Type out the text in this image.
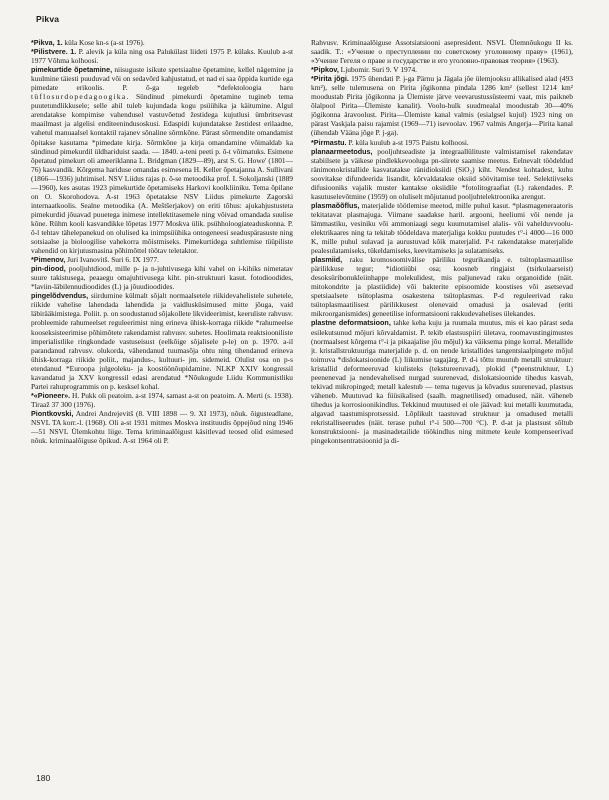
Pikva

*Pikva, 1. küla Kose kn-s (a-st 1976).

*Pilistvere. 1. P. alevik ja küla ning osa Palukülast liideti 1975 P. külaks. Kuulub a-st 1977 Võhma kolhoosi.

pimekurtide õpetamine, niisuguste isikute spetsiaalne õpetamine, kellel nägemine ja kuulmine täiesti puuduvad või on sedavõrd kahjustatud, et nad ei saa õppida kurtide ega pimedate erikoolis. P. õ-ga tegeleb *defektoloogia haru tüflosurdopedagoogika. Sündinud pimekurdi õpetamine tugineb tema puutetundlikkusele; selle abil tuleb kujundada kogu psüühika ja käitumine. Algul arendatakse kompimise vahendusel vastuvõetud žestidega kujutlusi ümbritsevast maailmast ja algelisi enditeenindusoskusi. Edaspidi kujundatakse žestidest erilaadne, vahetul manuaalsel kontaktil rajanev sõnaline sõrmkõne. Pärast sõrmendite omandamist õpitakse kasutama *pimedate kirja. Sõrmkõne ja kirja omandamine võimaldab ka sündinud pimekurdil üldhariduist saada. — 1840. a-teni peeti p. õ-t võimatuks. Esimene õpetatud pimekurt oli ameeriklanna L. Bridgman (1829—89), arst S. G. Howe' (1801—76) kasvandik. Kõrgema hariduse omandas esimesena H. Keller õpetajanna A. Sullivani (1866—1936) juhtimisel. NSV Liidus rajas p. õ-se metoodika prof. I. Sokoljanski (1889—1960), kes asutas 1923 pimekurtide õpetamiseks Harkovi koolkliiniku. Tema õpilane on O. Skorohodova. A-st 1963 õpetatakse NSV Liidus pimekurte Zagorski internaatkoolis. Sealne metoodika (A. Meštšerjakov) on eriti tõhus: ajukahjustusteta pimekurdid jõuavad puuetega inimese intellektitasemele ning võivad omandada suulise kõne. Rühm kooli kasvandikke lõpetas 1977 Moskva ülik. psühholoogiateaduskonna. P. õ-l tehtav tähelepanekud on olulised ka inimpsüühika ontogeneesi seaduspärasuste ning sotsiaalse ja bioloogilise vahekorra mõistmiseks. Pimekurtidega suhtlemise tüüpiliste vahendid on kirjutusmasina põhimõttel töötav teletaktor.

*Pimenov, Juri Ivanovitš. Suri 6. IX 1977.

pin-diood, pooljuhtdiood, mille p- ja n-juhtivusega kihi vahel on i-kihiks nimetatav suure takistusega, peaaegu omajuhtivusega kiht. pin-struktuuri kasut. fotodioodides, *laviin-läbilennudioodides (L) ja jõuudioodides.

pingelõdvendus, siirdumine külmalt sõjalt normaalsetele riikidevahelistele suhetele, riikide vahelise lahendada lahendida ja vaidlusküsimused mitte jõuga, vaid läbirääkimistega. Poliit. p. on soodustanud sõjakollete likvideerimist, keeruliste rahvusv. probleemide rahumeelset reguleerimist ning erineva ühisk-korraga riikide *rahumeelse kooseksisteerimise põhimõtete rakendamist rahvusv. suhetes. Hoolimata reaktsiooniliste imperialistlike ringkondade vastuseisust (eelkõige sõjalisele p-le) on p. 1970. a-il parandanud rahvusv. olukorda, vähendanud tuumasõja ohtu ning tihendanud erineva ühisk-korraga riikide poliit., majandus-, kultuuri- jm. sidemeid. Olulist osa on p-s etendanud *Euroopa julgeoleku- ja koostöönõupidamine. NLKP XXIV kongressil kavandatud ja XXV kongressil edasi arendatud *Nõukogude Liidu Kommunistliku Partei rahuprogrammis on p. kesksel kohal.

*«Pioneer». H. Pukk oli peatoim. a-st 1974, samast a-st on peatoim. A. Merti (s. 1938). Tiraaž 37 300 (1976).

Piontkovski, Andrei Andrejevitš (8. VIII 1898 — 9. XI 1973), nõuk. õigusteadlane, NSVL TA korr.-l. (1968). Oli a-st 1931 mitmes Moskva instituudis õppejõud ning 1946—51 NSVL Ülemkohtu liige. Tema kriminaalõigust käsitlevad teosed olid esimesed nõuk. kriminaalõiguse õpikud. A-st 1964 oli P.

Rahvusv. Kriminaalõiguse Assotsiatsiooni asepresident. NSVL Ülemnõukogu II ks. saadik. T.: «Учение о преступлении по советскому уголовному праву» (1961), «Учение Гегеля о праве и государстве и его уголовно-правовая теория» (1963).

*Pipkov, Ljubomir. Suri 9. V 1974.

*Pirita jõgi. 1975 ühendati P. j-ga Pärnu ja Jägala jõe ülemjooksu allikalised alad (493 km²), selle tulemusena on Pirita jõgikonna pindala 1286 km² (sellest 1214 km² moodustab Pirita jõgikonna ja Ülemiste järve veevarustussüsteemi vaat, mis paikneb õlalpool Pirita—Ülemiste kanalit). Voolu-hulk suudmealal moodustab 30—40% jõgikonna äravoolust. Pirita—Ülemiste kanal valmis (esialgsel kujul) 1923 ning on pärast Vaskjala paisu rajamist (1969—71) isevoolav. 1967 valmis Angerja—Pirita kanal (ühendab Vääna jõge P. j-ga).

*Pirmastu. P. küla kuulub a-st 1975 Paistu kolhoosi.

planaarmeetodus, pooljuhtseadiste ja integraallülituste valmistamisel rakendatav stabiilsete ja väikese pindlekkevooluga pn-siirete saamise meetus. Eelnevalt töödeldud ränimonokristallide kasvatatakse ränidioksiidi (SiO₂) kiht. Nendest kohtadest, kuhu soovitakse difundeerida lisandit, kõrvaldatakse oksiid söövitamise teel. Selektiivseks difusiooniks vajalik muster kantakse oksiidile *fotolitograafiat (L) rakendades. P. kasutuselevõtmine (1959) on oluliselt mõjutanud pooljuhtelektroonika arengut.

plasmaõõflus, materjalide töötlemise meetod, mille puhul kasut. *plasmageneraatoris tekitatavat plasmajuga. Viimane saadakse haril. argooni, heeliumi või nende ja lämmastiku, vesiniku või ammoniaagi segu kuumutamisel alalis- või vahelduvvoolu-elektrikaares ning ta tekitab töödeldava materjaliga kokku puutudes t°-i 4000—16 000 K, mille puhul sulavad ja aurustuvad kõik materjalid. P-t rakendatakse materjalide pealesulatamiseks, tükeldamiseks, keevitamiseks ja sulatamiseks.

plasmiid, raku kromosoomivälise päriliku tegurikandja e. tsütoplasmaatilise pärilikkuse tegur; *idiotiiübi osa; koosneb ringjaist (tsirkulaarseist) desoksüribonukleiinhappe molekulidest, mis paljunevad raku organoidide (näit. mitokondrite ja plastiidide) või bakterite episoomide koostises või asetsevad spetsiaalsete tsütoplasma osakestena tsütoplasmas. P-d reguleerivad raku tsütoplasmaatilisest pärilikkusest olenevaid omadusi ja osalevad (eriti mikroorganismides) geneetilise informatsiooni rakkudevahelises ülekandes.

plastne deformatsioon, tahke keha kuju ja ruumala muutus, mis ei kao pärast seda esilekutsunud mõjuri kõrvaldamist. P. tekib elastsuspiiri ületava, roomavustingimustes (normaalsest kõrgema t°-i ja pikaajalise jõu mõjul) ka väiksema pinge korral. Metallide jt. kristallstruktuuriga materjalide p. d. on nende kristallides tangentsiaalpingete mõjul toimuva *dislokatsioonide (L) liikumise tagajärg. P. d-i tõttu muutub metalli struktuur: kristallid deformeeruvad kiulisteks (tekstureeruvad), plokid (*peenstruktuur, L) peenenevad ja nendevahelised nurgad suurenevad, dislokatsioonide tihedus kasvab, tekivad mikropinged; metall kalestub — tema tugevus ja kõvadus suurenevad, plastsus väheneb. Muutuvad ka füüsikalised (saalh. magnetilised) omadused, näit. väheneb tihedus ja korrosioonikindlus. Tekkinud muutused ei ole jäävad: kui metalli kuumutada, algavad taastumisprotsessid. Lõplikult taastuvad struktuur ja omadused metalli rekristalliseerudes (näit. terase puhul t°-i 500—700 °C). P. d-at ja plastsust sõltub konstruktsiooni- ja masinadetailide töökindlus ning mitmete keule kompenseerivad pingekontsentratsioonid ja di-

180
